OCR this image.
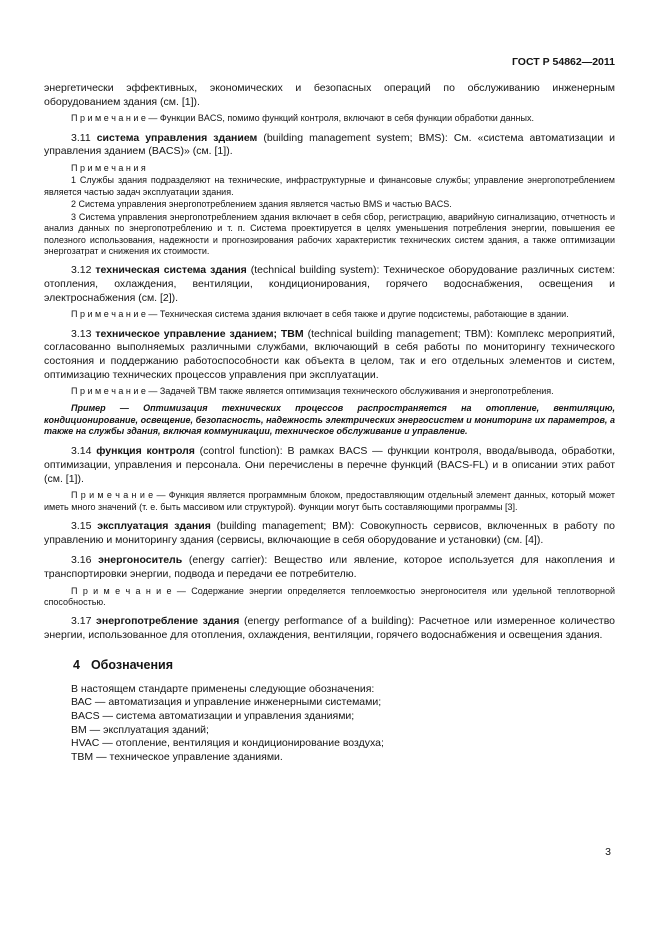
ГОСТ Р 54862—2011

энергетически эффективных, экономических и безопасных операций по обслуживанию инженерным оборудованием здания (см. [1]).

П р и м е ч а н и е — Функции BACS, помимо функций контроля, включают в себя функции обработки данных.

3.11 система управления зданием (building management system; BMS): См. «система автоматизации и управления зданием (BACS)» (см. [1]).

П р и м е ч а н и я

1 Службы здания подразделяют на технические, инфраструктурные и финансовые службы; управление энергопотреблением является частью задач эксплуатации здания.

2 Система управления энергопотреблением здания является частью BMS и частью BACS.

3 Система управления энергопотреблением здания включает в себя сбор, регистрацию, аварийную сигнализацию, отчетность и анализ данных по энергопотреблению и т. п. Система проектируется в целях уменьшения потребления энергии, повышения ее полезного использования, надежности и прогнозирования рабочих характеристик технических систем здания, а также оптимизации энергозатрат и снижения их стоимости.

3.12 техническая система здания (technical building system): Техническое оборудование различных систем: отопления, охлаждения, вентиляции, кондиционирования, горячего водоснабжения, освещения и электроснабжения (см. [2]).

П р и м е ч а н и е — Техническая система здания включает в себя также и другие подсистемы, работающие в здании.

3.13 техническое управление зданием; ТВМ (technical building management; TBM): Комплекс мероприятий, согласованно выполняемых различными службами, включающий в себя работы по мониторингу технического состояния и поддержанию работоспособности как объекта в целом, так и его отдельных элементов и систем, оптимизацию технических процессов управления при эксплуатации.

П р и м е ч а н и е — Задачей ТВМ также является оптимизация технического обслуживания и энергопотребления.

Пример — Оптимизация технических процессов распространяется на отопление, вентиляцию, кондиционирование, освещение, безопасность, надежность электрических энергосистем и мониторинг их параметров, а также на службы здания, включая коммуникации, техническое обслуживание и управление.

3.14 функция контроля (control function): В рамках BACS — функции контроля, ввода/вывода, обработки, оптимизации, управления и персонала. Они перечислены в перечне функций (BACS-FL) и в описании этих работ (см. [1]).

П р и м е ч а н и е — Функция является программным блоком, предоставляющим отдельный элемент данных, который может иметь много значений (т. е. быть массивом или структурой). Функции могут быть составляющими программы [3].

3.15 эксплуатация здания (building management; BM): Совокупность сервисов, включенных в работу по управлению и мониторингу здания (сервисы, включающие в себя оборудование и установки) (см. [4]).

3.16 энергоноситель (energy carrier): Вещество или явление, которое используется для накопления и транспортировки энергии, подвода и передачи ее потребителю.

П р и м е ч а н и е — Содержание энергии определяется теплоемкостью энергоносителя или удельной теплотворной способностью.

3.17 энергопотребление здания (energy performance of a building): Расчетное или измеренное количество энергии, использованное для отопления, охлаждения, вентиляции, горячего водоснабжения и освещения здания.

4 Обозначения

В настоящем стандарте применены следующие обозначения:

ВАС — автоматизация и управление инженерными системами;

BACS — система автоматизации и управления зданиями;

ВМ — эксплуатация зданий;

HVAC — отопление, вентиляция и кондиционирование воздуха;

ТВМ — техническое управление зданиями.

3
